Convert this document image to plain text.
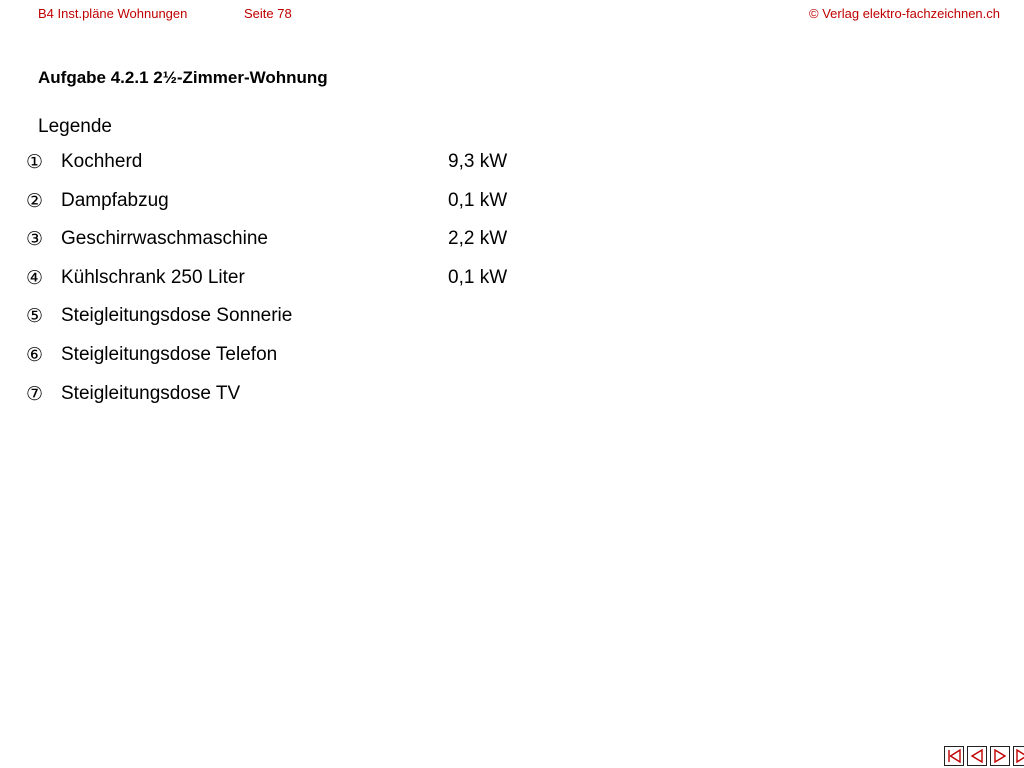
B4 Inst.pläne Wohnungen	Seite 78	© Verlag elektro-fachzeichnen.ch
Aufgabe 4.2.1 2½-Zimmer-Wohnung
Legende
① Kochherd	9,3 kW
② Dampfabzug	0,1 kW
③ Geschirrwaschmaschine	2,2 kW
④ Kühlschrank 250 Liter	0,1 kW
⑤ Steigleitungsdose Sonnerie
⑥ Steigleitungsdose Telefon
⑦ Steigleitungsdose TV
